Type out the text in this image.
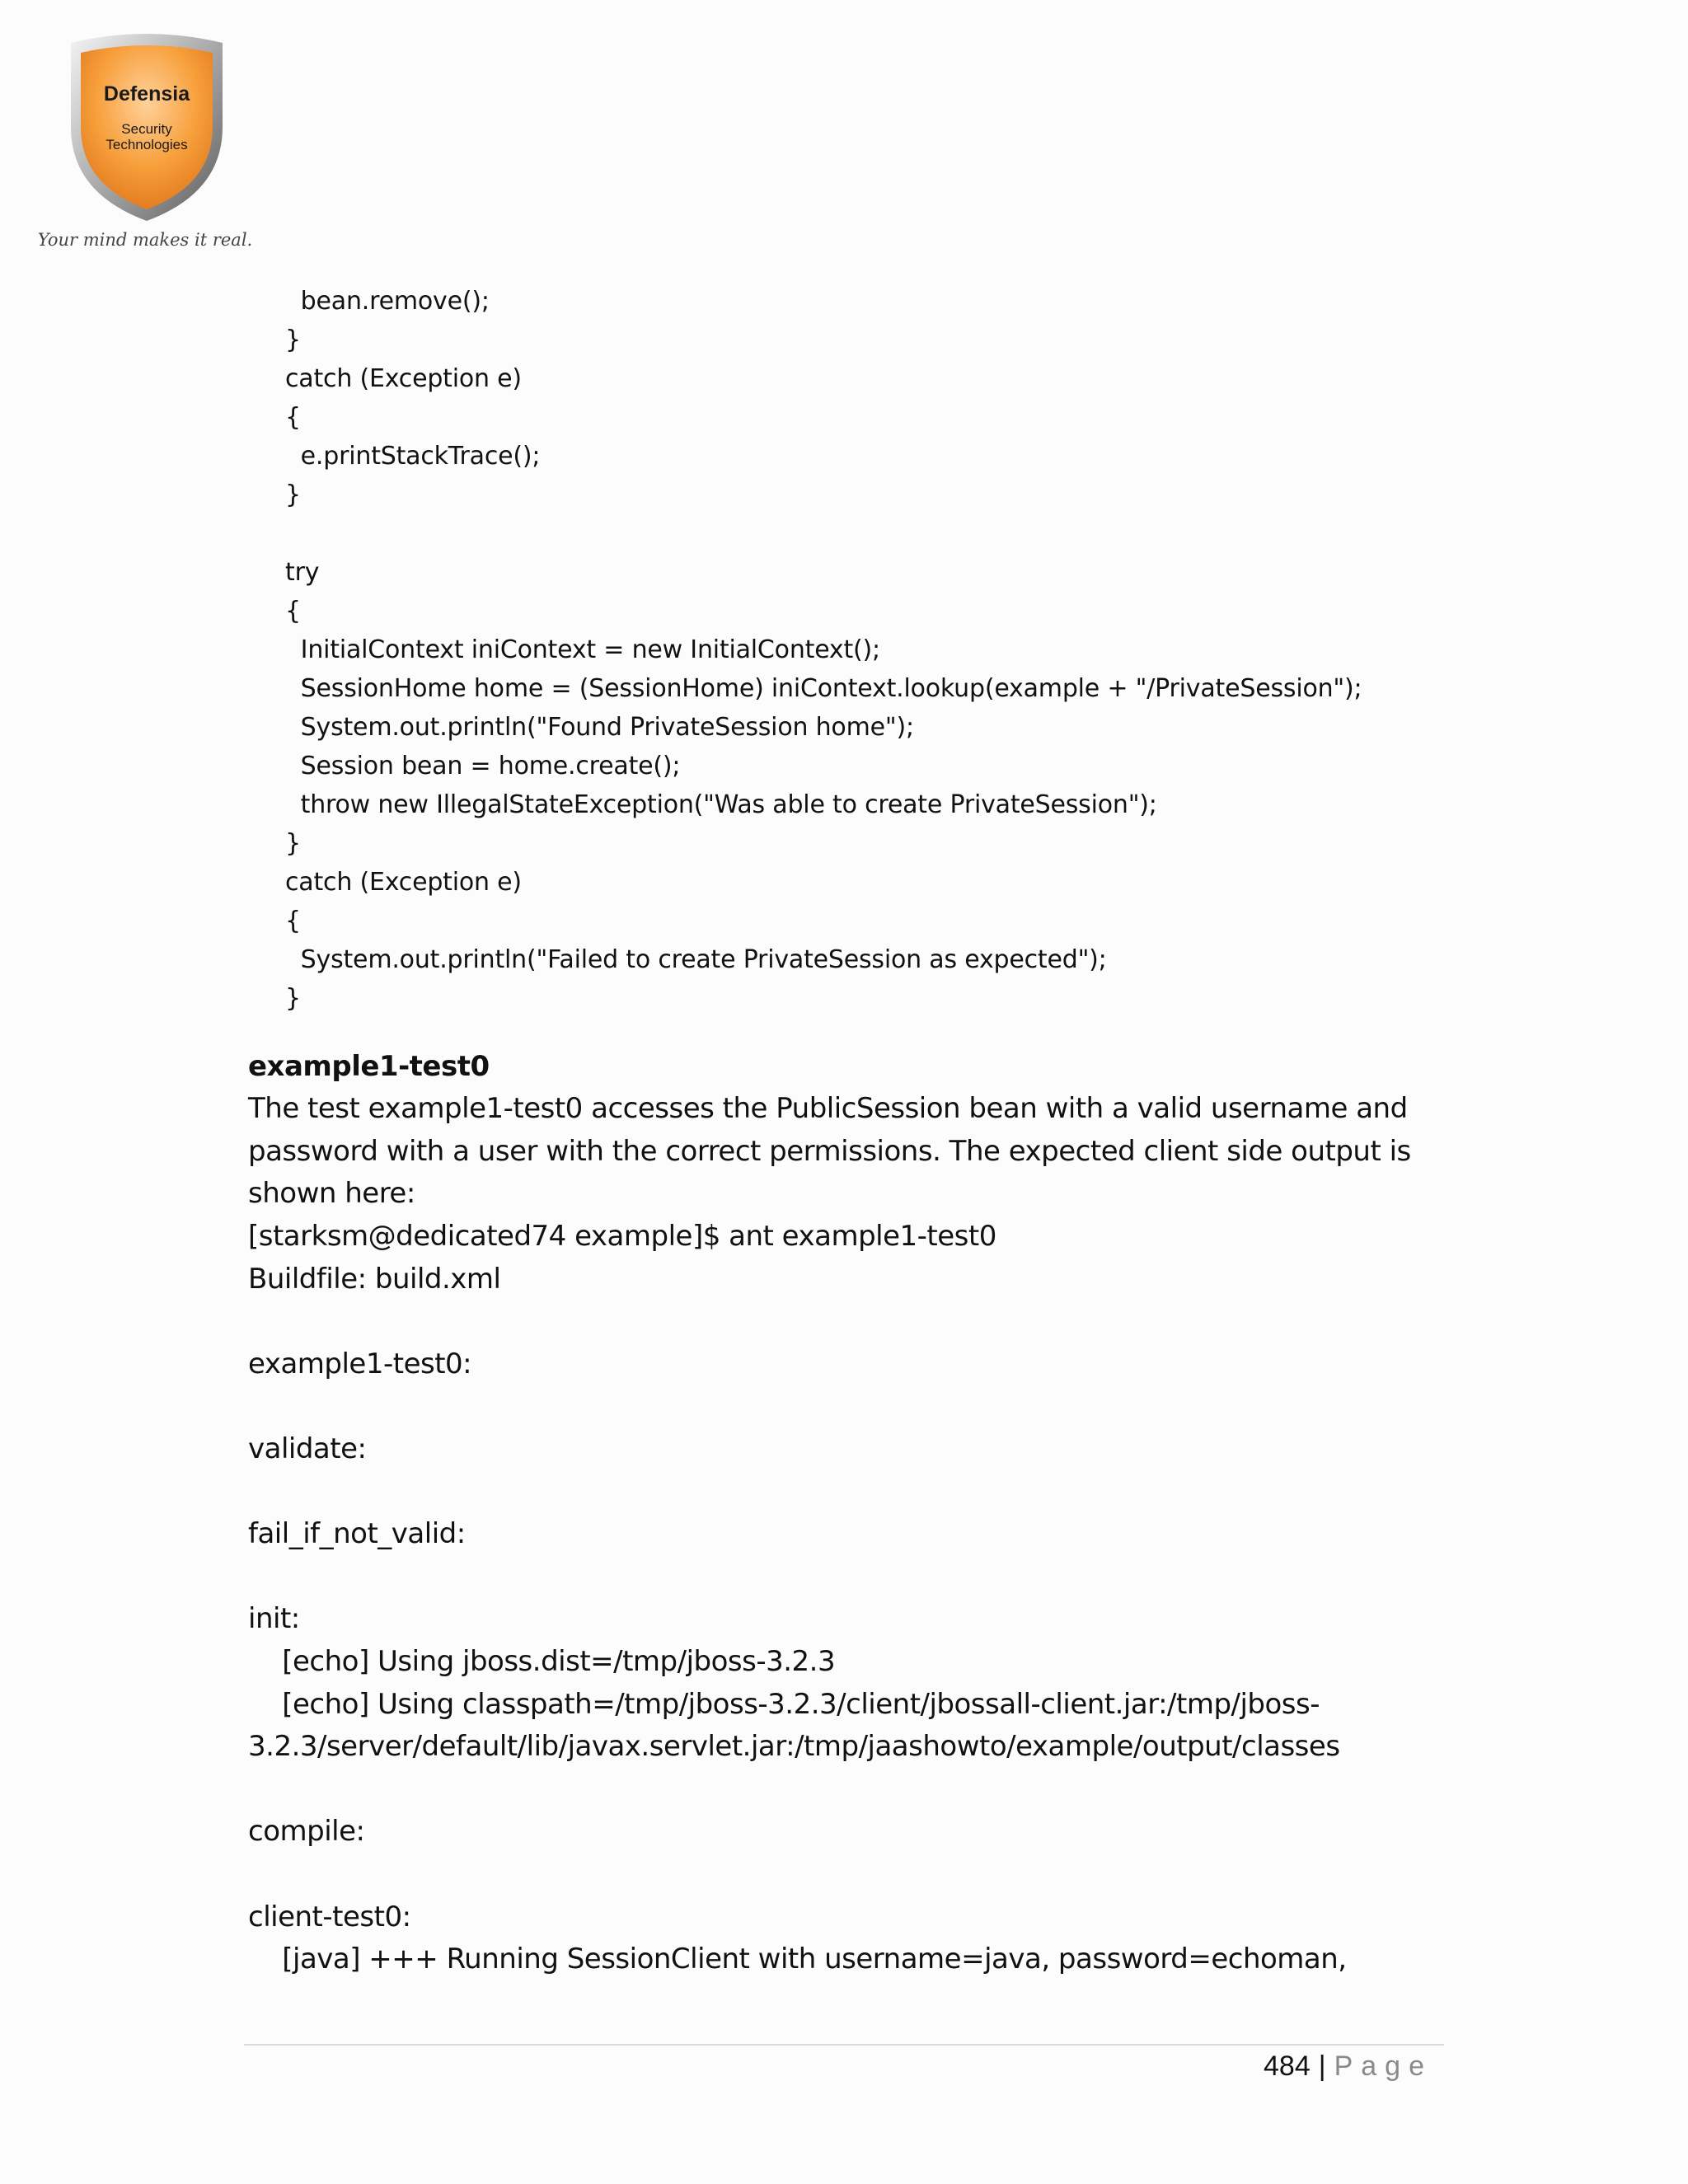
Defensia
Security
Technologies
Your mind makes it real.
bean.remove();
}
catch (Exception e)
{
e.printStackTrace();
}
try
{
InitialContext iniContext = new InitialContext();
SessionHome home = (SessionHome) iniContext.lookup(example + "/PrivateSession");
System.out.println("Found PrivateSession home");
Session bean = home.create();
throw new IllegalStateException("Was able to create PrivateSession");
}
catch (Exception e)
{
System.out.println("Failed to create PrivateSession as expected");
}
example1-test0
The test example1-test0 accesses the PublicSession bean with a valid username and password with a user with the correct permissions. The expected client side output is shown here:
[starksm@dedicated74 example]$ ant example1-test0
Buildfile: build.xml
example1-test0:
validate:
fail_if_not_valid:
init:
[echo] Using jboss.dist=/tmp/jboss-3.2.3
[echo] Using classpath=/tmp/jboss-3.2.3/client/jbossall-client.jar:/tmp/jboss-
3.2.3/server/default/lib/javax.servlet.jar:/tmp/jaashowto/example/output/classes
compile:
client-test0:
[java] +++ Running SessionClient with username=java, password=echoman,
484 | Page
